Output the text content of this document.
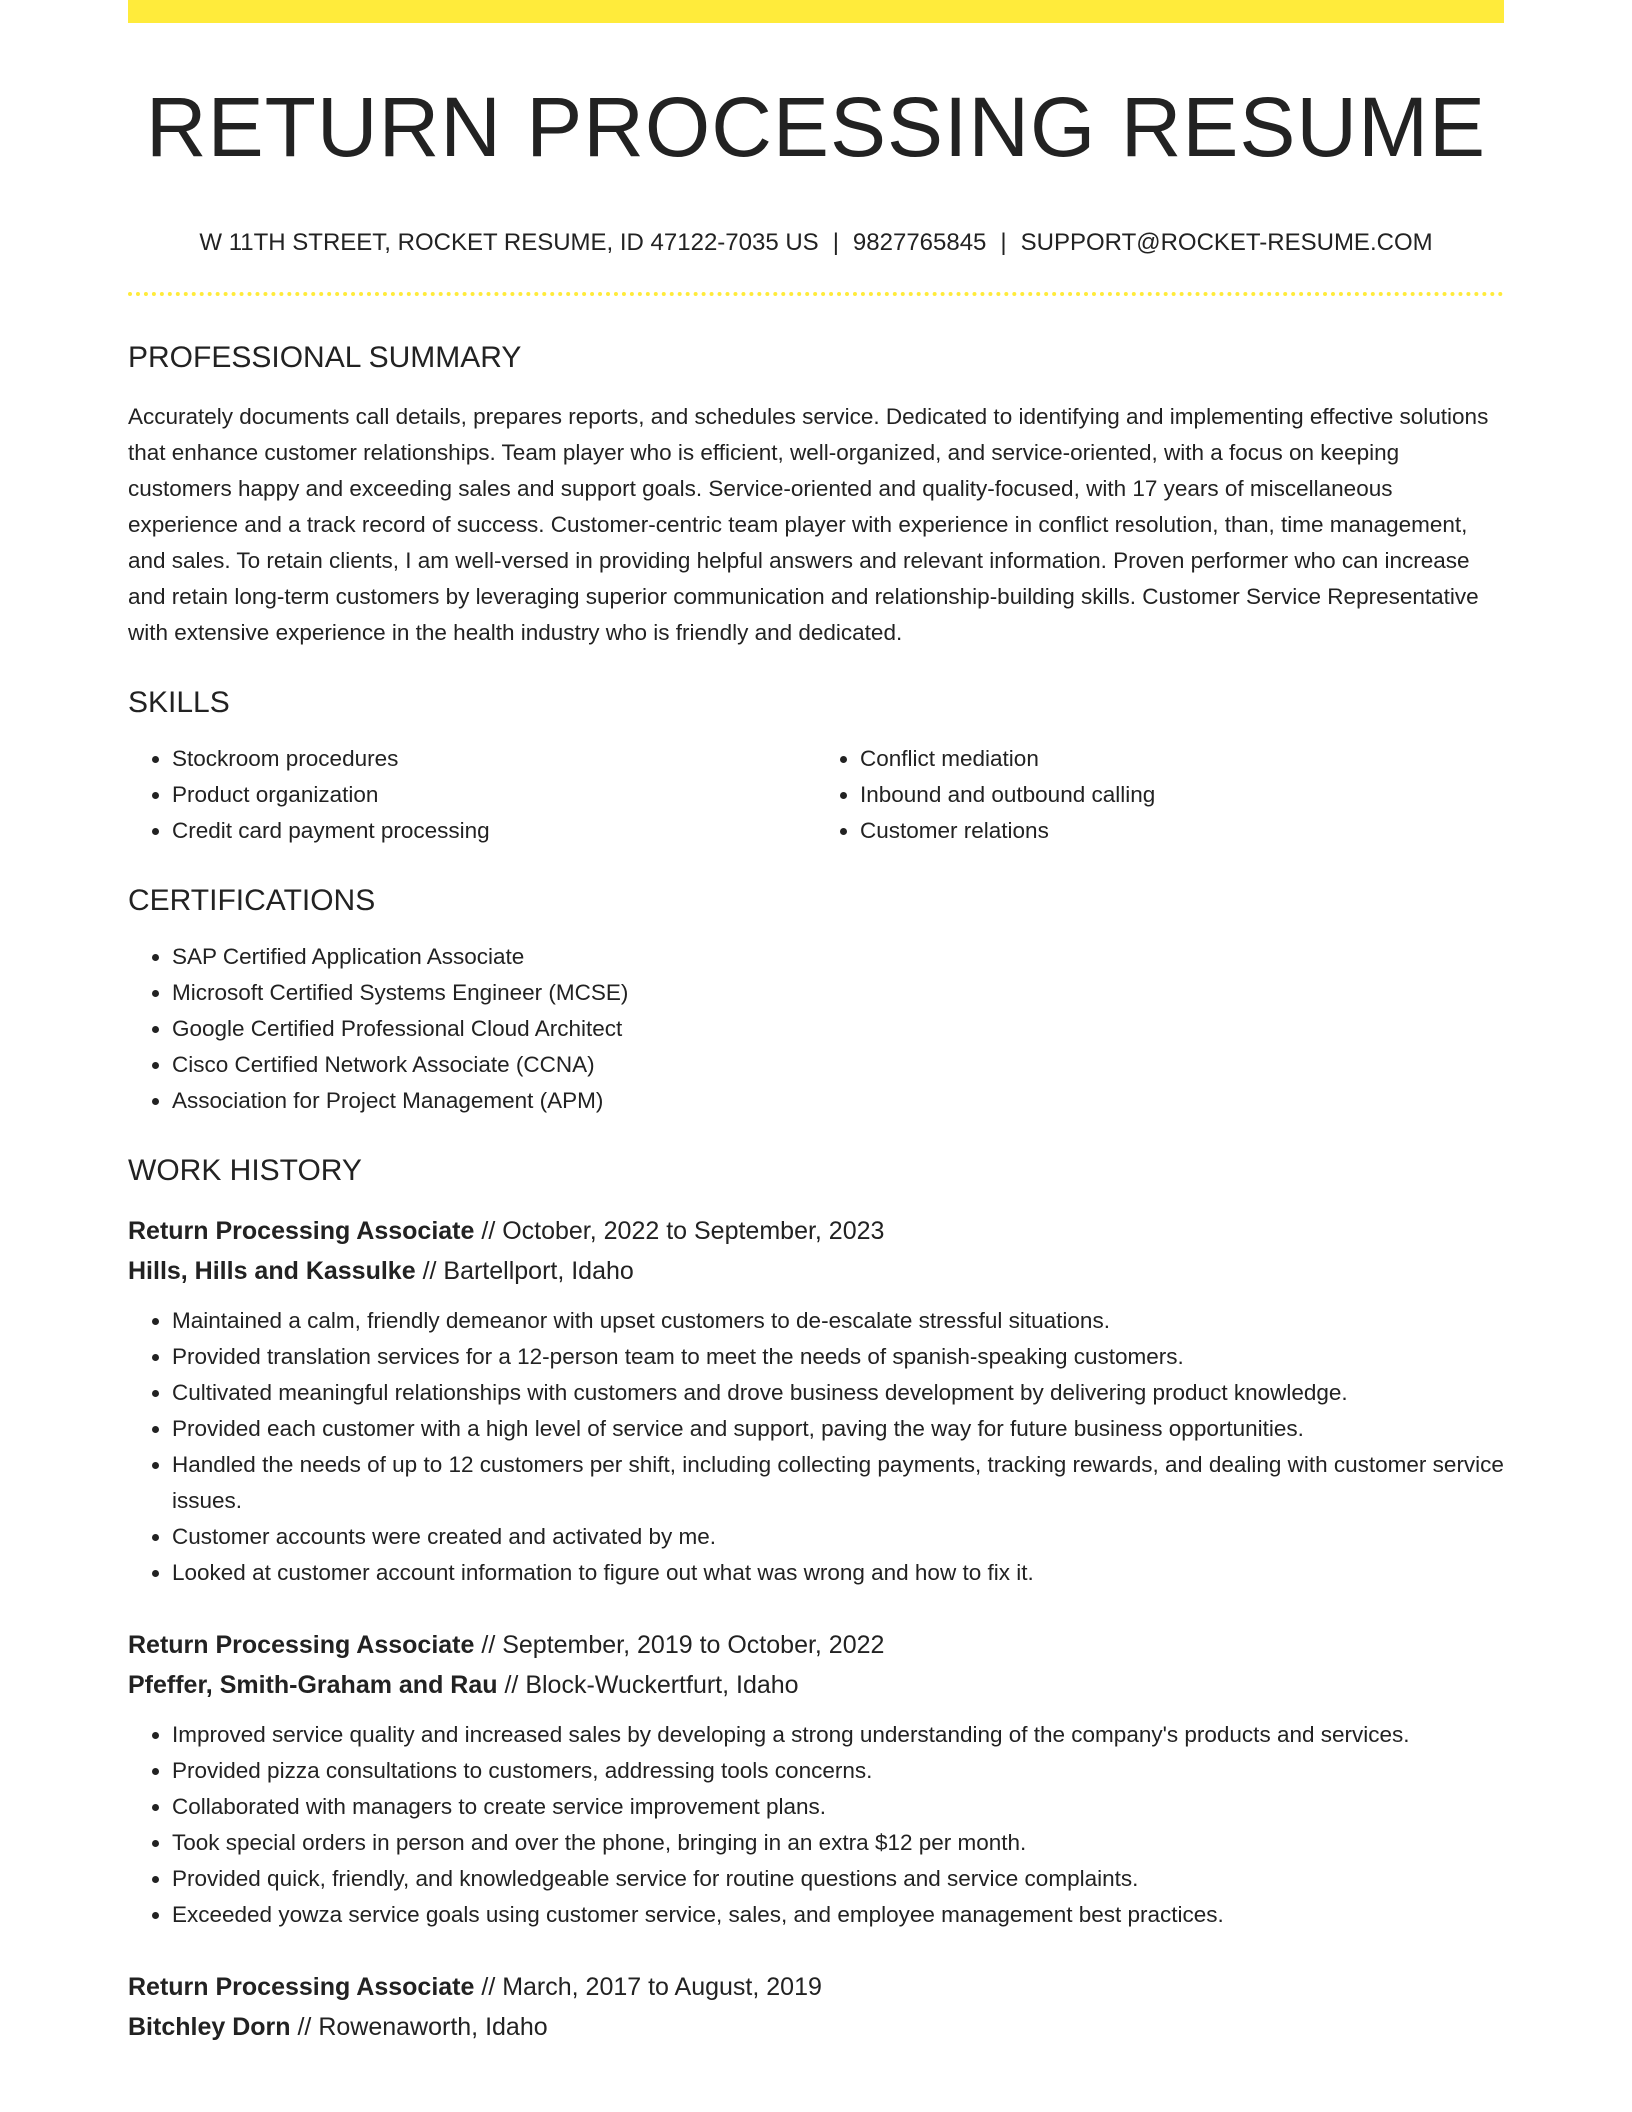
RETURN PROCESSING RESUME
W 11TH STREET, ROCKET RESUME, ID 47122-7035 US | 9827765845 | SUPPORT@ROCKET-RESUME.COM
PROFESSIONAL SUMMARY
Accurately documents call details, prepares reports, and schedules service. Dedicated to identifying and implementing effective solutions that enhance customer relationships. Team player who is efficient, well-organized, and service-oriented, with a focus on keeping customers happy and exceeding sales and support goals. Service-oriented and quality-focused, with 17 years of miscellaneous experience and a track record of success. Customer-centric team player with experience in conflict resolution, than, time management, and sales. To retain clients, I am well-versed in providing helpful answers and relevant information. Proven performer who can increase and retain long-term customers by leveraging superior communication and relationship-building skills. Customer Service Representative with extensive experience in the health industry who is friendly and dedicated.
SKILLS
• Stockroom procedures
• Product organization
• Credit card payment processing
• Conflict mediation
• Inbound and outbound calling
• Customer relations
CERTIFICATIONS
• SAP Certified Application Associate
• Microsoft Certified Systems Engineer (MCSE)
• Google Certified Professional Cloud Architect
• Cisco Certified Network Associate (CCNA)
• Association for Project Management (APM)
WORK HISTORY
Return Processing Associate // October, 2022 to September, 2023
Hills, Hills and Kassulke // Bartellport, Idaho
• Maintained a calm, friendly demeanor with upset customers to de-escalate stressful situations.
• Provided translation services for a 12-person team to meet the needs of spanish-speaking customers.
• Cultivated meaningful relationships with customers and drove business development by delivering product knowledge.
• Provided each customer with a high level of service and support, paving the way for future business opportunities.
• Handled the needs of up to 12 customers per shift, including collecting payments, tracking rewards, and dealing with customer service issues.
• Customer accounts were created and activated by me.
• Looked at customer account information to figure out what was wrong and how to fix it.
Return Processing Associate // September, 2019 to October, 2022
Pfeffer, Smith-Graham and Rau // Block-Wuckertfurt, Idaho
• Improved service quality and increased sales by developing a strong understanding of the company's products and services.
• Provided pizza consultations to customers, addressing tools concerns.
• Collaborated with managers to create service improvement plans.
• Took special orders in person and over the phone, bringing in an extra $12 per month.
• Provided quick, friendly, and knowledgeable service for routine questions and service complaints.
• Exceeded yowza service goals using customer service, sales, and employee management best practices.
Return Processing Associate // March, 2017 to August, 2019
Bitchley Dorn // Rowenaworth, Idaho
